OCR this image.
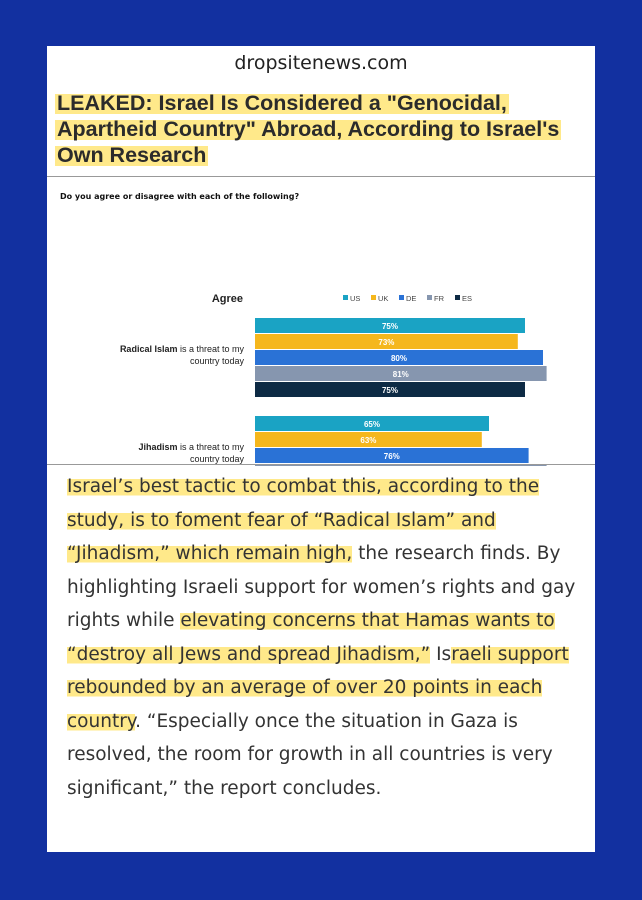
dropsitenews.com
LEAKED: Israel Is Considered a "Genocidal, Apartheid Country" Abroad, According to Israel's Own Research
Do you agree or disagree with each of the following?
Agree	US UK DE FR ES
75%
73%
80%
81%
75%
Radical Islam is a threat to my
country today
65%
63%
76%
Jihadism is a threat to my
country today
Israel’s best tactic to combat this, according to the study, is to foment fear of “Radical Islam” and “Jihadism,” which remain high, the research finds. By highlighting Israeli support for women’s rights and gay rights while elevating concerns that Hamas wants to “destroy all Jews and spread Jihadism,” Israeli support rebounded by an average of over 20 points in each country. “Especially once the situation in Gaza is resolved, the room for growth in all countries is very significant,” the report concludes.
